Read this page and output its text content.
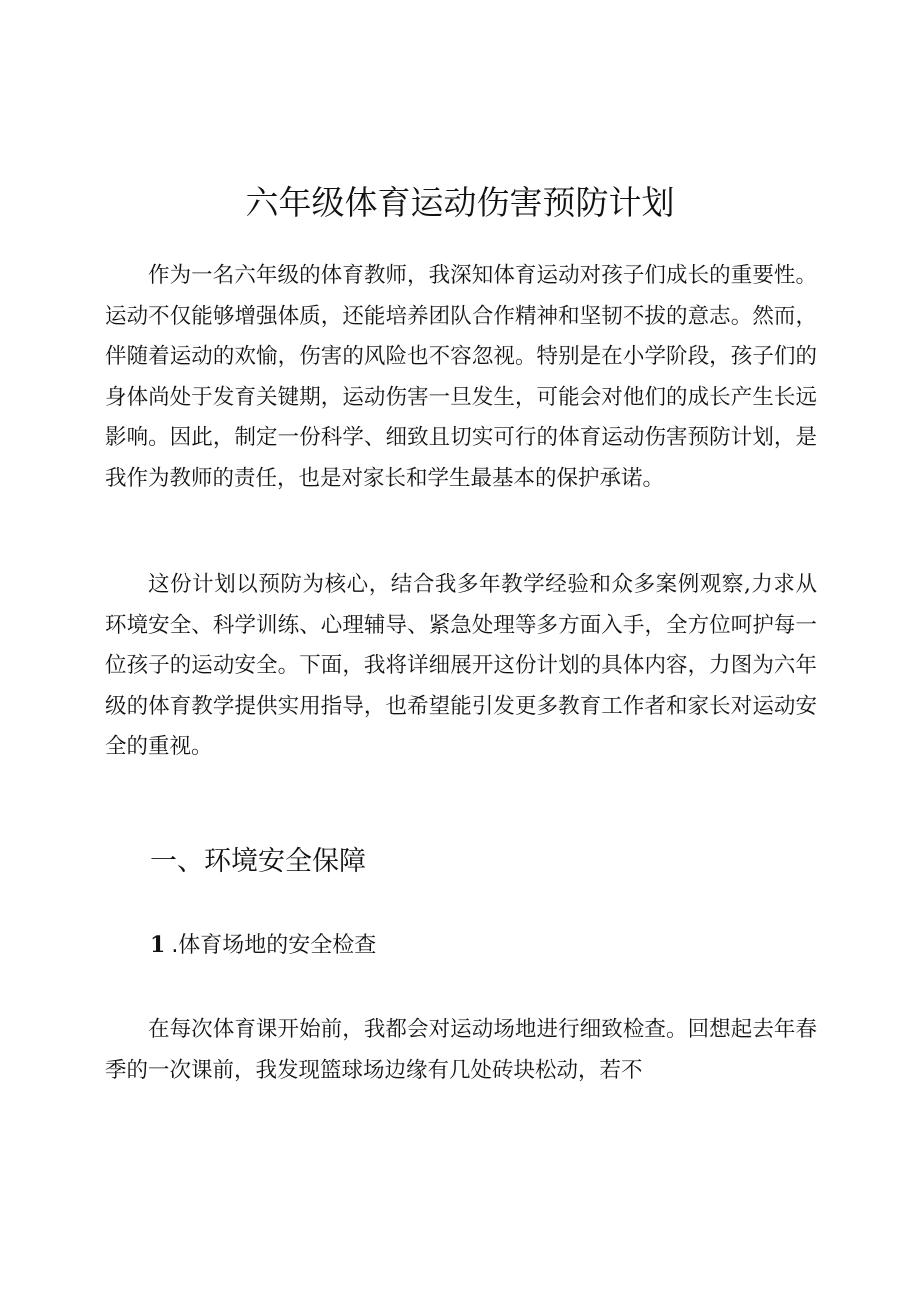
六年级体育运动伤害预防计划

作为一名六年级的体育教师，我深知体育运动对孩子们成长的重要性。运动不仅能够增强体质，还能培养团队合作精神和坚韧不拔的意志。然而，伴随着运动的欢愉，伤害的风险也不容忽视。特别是在小学阶段，孩子们的身体尚处于发育关键期，运动伤害一旦发生，可能会对他们的成长产生长远影响。因此，制定一份科学、细致且切实可行的体育运动伤害预防计划，是我作为教师的责任，也是对家长和学生最基本的保护承诺。

这份计划以预防为核心，结合我多年教学经验和众多案例观察,力求从环境安全、科学训练、心理辅导、紧急处理等多方面入手，全方位呵护每一位孩子的运动安全。下面，我将详细展开这份计划的具体内容，力图为六年级的体育教学提供实用指导，也希望能引发更多教育工作者和家长对运动安全的重视。

一、环境安全保障
1 .体育场地的安全检查

在每次体育课开始前，我都会对运动场地进行细致检查。回想起去年春季的一次课前，我发现篮球场边缘有几处砖块松动，若不
